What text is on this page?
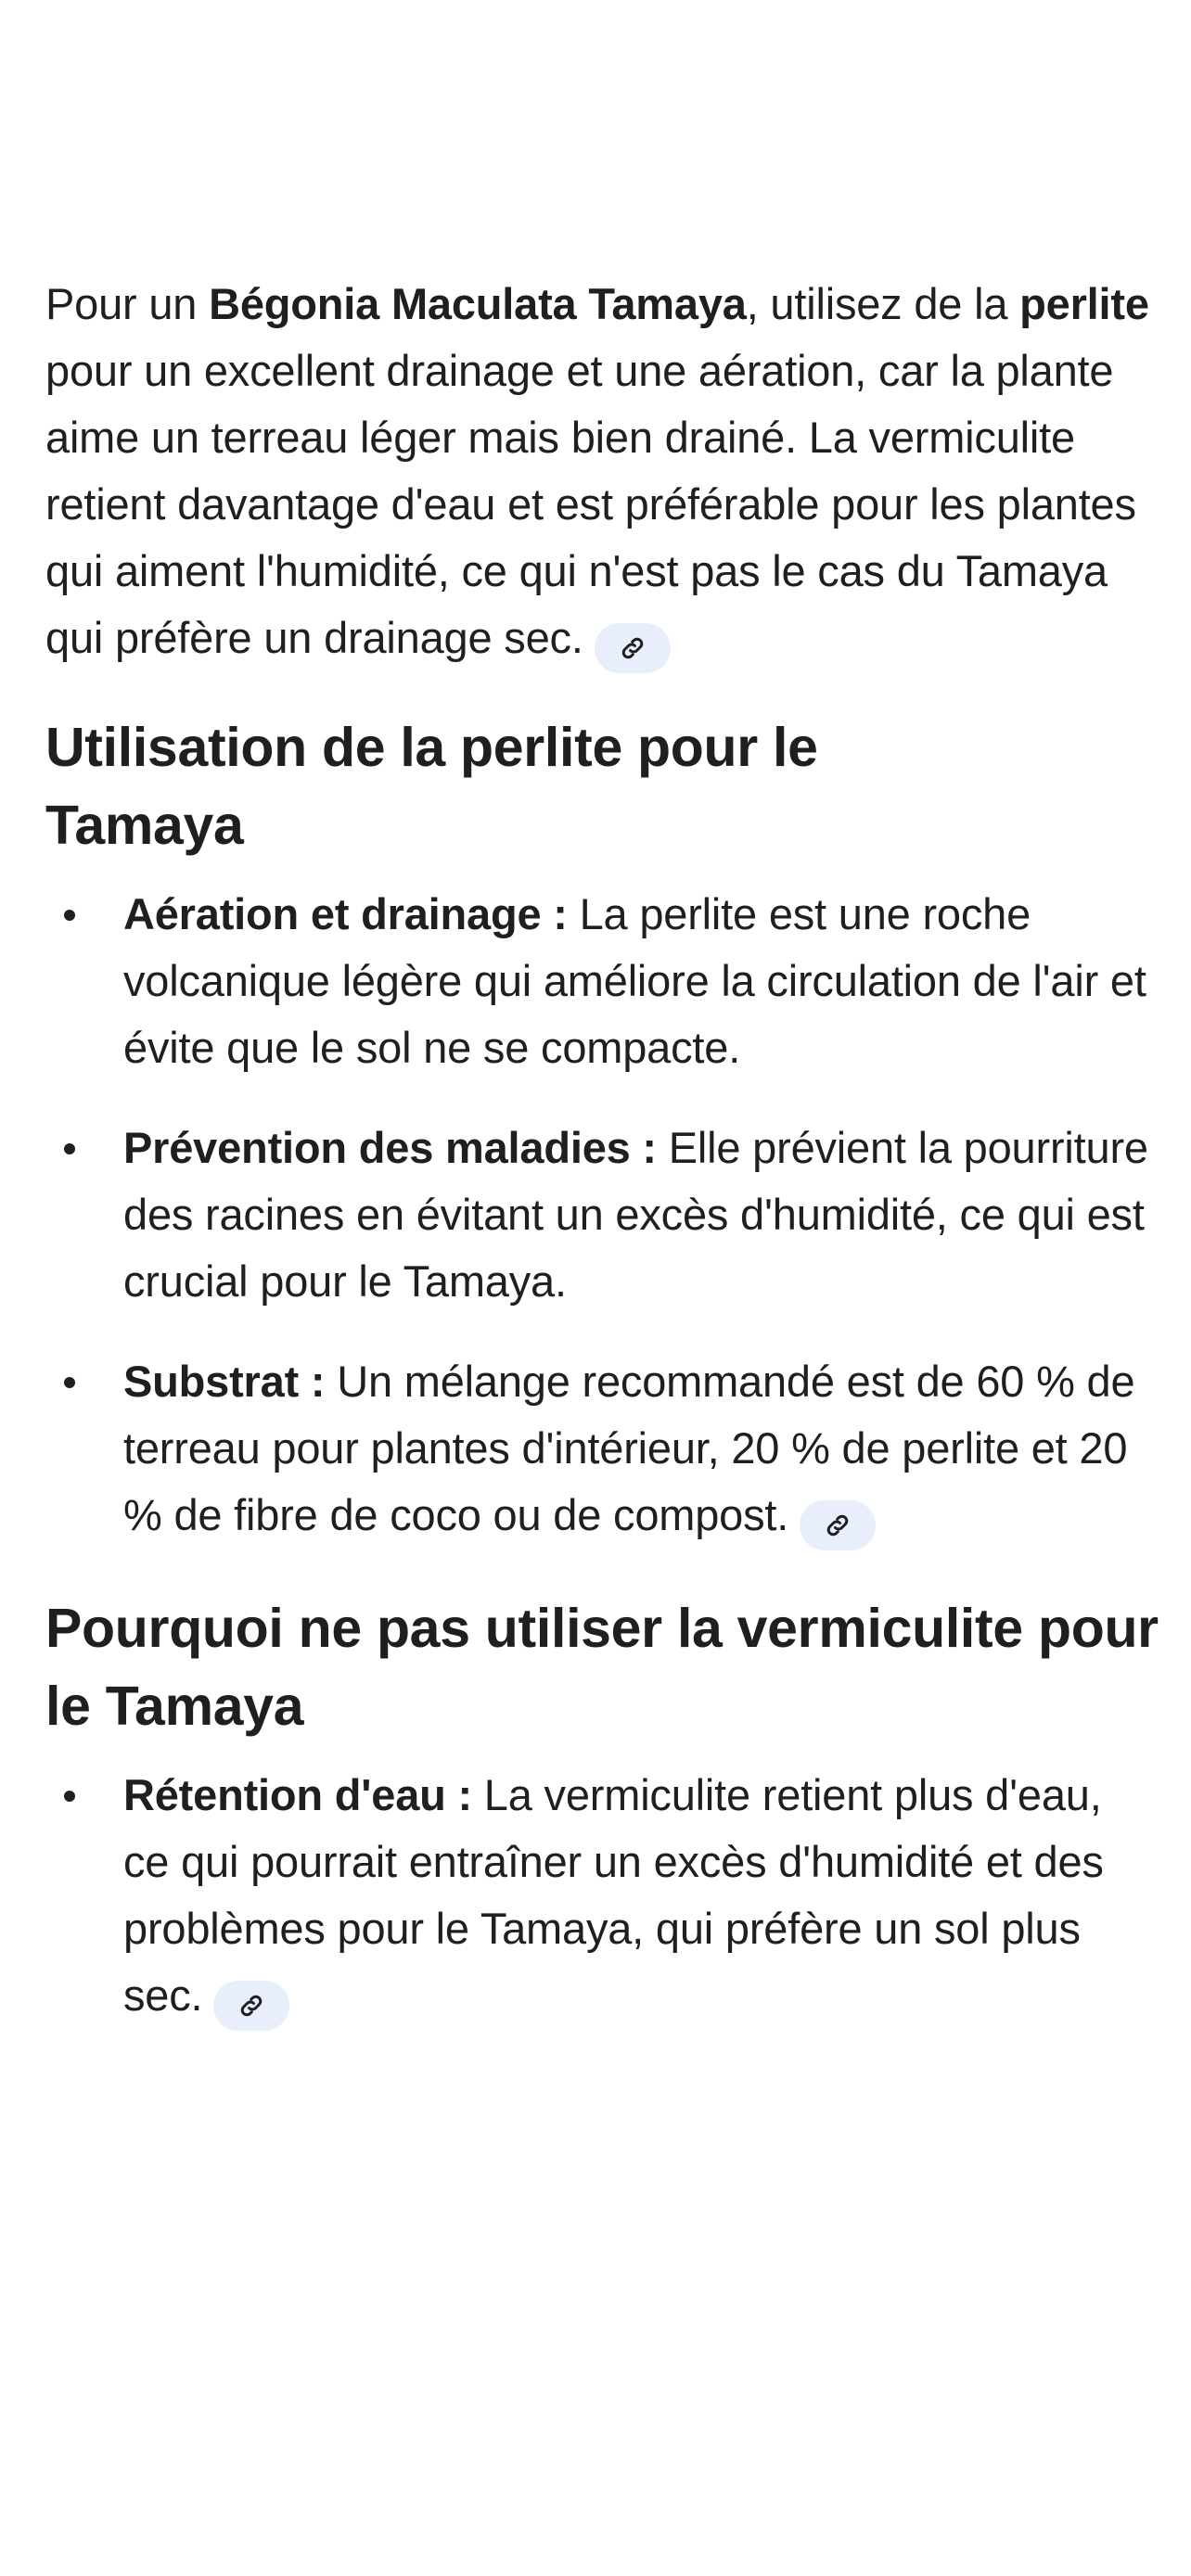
Pour un Bégonia Maculata Tamaya, utilisez de la perlite pour un excellent drainage et une aération, car la plante aime un terreau léger mais bien drainé. La vermiculite retient davantage d'eau et est préférable pour les plantes qui aiment l'humidité, ce qui n'est pas le cas du Tamaya qui préfère un drainage sec.

Utilisation de la perlite pour le Tamaya
Aération et drainage : La perlite est une roche volcanique légère qui améliore la circulation de l'air et évite que le sol ne se compacte.
Prévention des maladies : Elle prévient la pourriture des racines en évitant un excès d'humidité, ce qui est crucial pour le Tamaya.
Substrat : Un mélange recommandé est de 60 % de terreau pour plantes d'intérieur, 20 % de perlite et 20 % de fibre de coco ou de compost.
Pourquoi ne pas utiliser la vermiculite pour le Tamaya
Rétention d'eau : La vermiculite retient plus d'eau, ce qui pourrait entraîner un excès d'humidité et des problèmes pour le Tamaya, qui préfère un sol plus sec.
